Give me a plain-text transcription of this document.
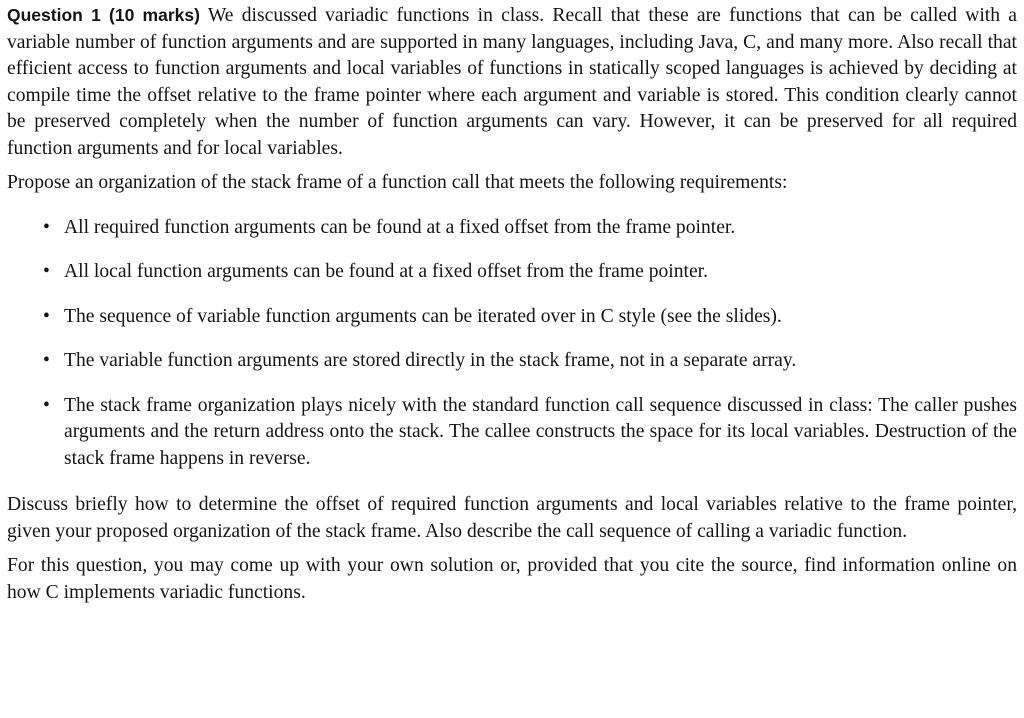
Question 1 (10 marks) We discussed variadic functions in class. Recall that these are functions that can be called with a variable number of function arguments and are supported in many languages, including Java, C, and many more. Also recall that efficient access to function arguments and local variables of functions in statically scoped languages is achieved by deciding at compile time the offset relative to the frame pointer where each argument and variable is stored. This condition clearly cannot be preserved completely when the number of function arguments can vary. However, it can be preserved for all required function arguments and for local variables.

Propose an organization of the stack frame of a function call that meets the following requirements:

• All required function arguments can be found at a fixed offset from the frame pointer.
• All local function arguments can be found at a fixed offset from the frame pointer.
• The sequence of variable function arguments can be iterated over in C style (see the slides).
• The variable function arguments are stored directly in the stack frame, not in a separate array.
• The stack frame organization plays nicely with the standard function call sequence discussed in class: The caller pushes arguments and the return address onto the stack. The callee constructs the space for its local variables. Destruction of the stack frame happens in reverse.

Discuss briefly how to determine the offset of required function arguments and local variables relative to the frame pointer, given your proposed organization of the stack frame. Also describe the call sequence of calling a variadic function.

For this question, you may come up with your own solution or, provided that you cite the source, find information online on how C implements variadic functions.
